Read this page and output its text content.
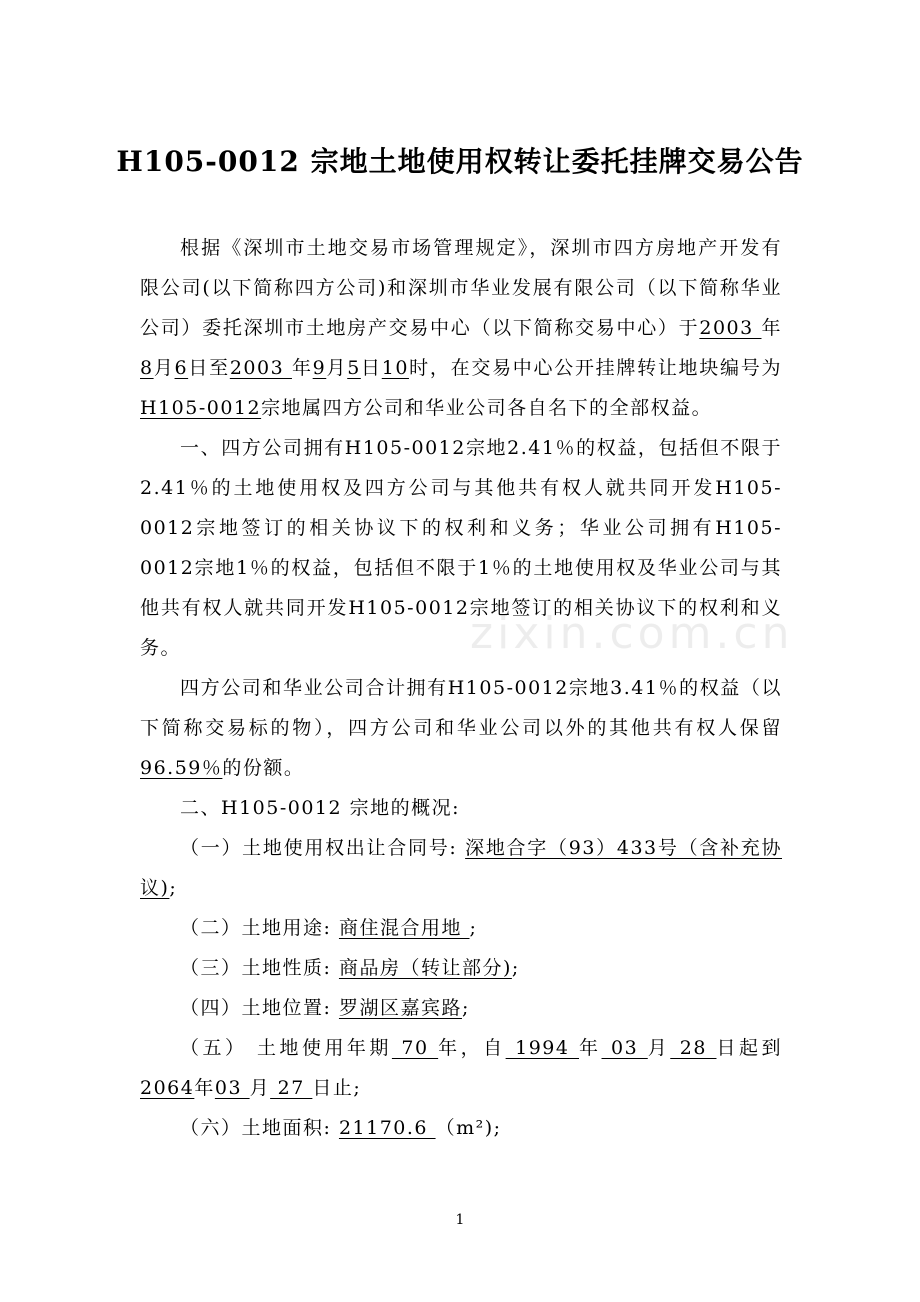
H105-0012 宗地土地使用权转让委托挂牌交易公告

根据《深圳市土地交易市场管理规定》，深圳市四方房地产开发有限公司(以下简称四方公司)和深圳市华业发展有限公司（以下简称华业公司）委托深圳市土地房产交易中心（以下简称交易中心）于2003 年8月6日至2003 年9月5日10时，在交易中心公开挂牌转让地块编号为H105-0012宗地属四方公司和华业公司各自名下的全部权益。

一、四方公司拥有H105-0012宗地2.41％的权益，包括但不限于2.41％的土地使用权及四方公司与其他共有权人就共同开发H105-0012宗地签订的相关协议下的权利和义务；华业公司拥有H105-0012宗地1％的权益，包括但不限于1％的土地使用权及华业公司与其他共有权人就共同开发H105-0012宗地签订的相关协议下的权利和义务。

四方公司和华业公司合计拥有H105-0012宗地3.41％的权益（以下简称交易标的物），四方公司和华业公司以外的其他共有权人保留96.59％的份额。

二、H105-0012 宗地的概况:

（一）土地使用权出让合同号: 深地合字（93）433号（含补充协议);

（二）土地用途: 商住混合用地 ;

（三）土地性质: 商品房（转让部分);

（四）土地位置: 罗湖区嘉宾路;

（五） 土地使用年期 70 年，自 1994 年 03 月 28 日起到 2064年03 月 27 日止;

（六）土地面积: 21170.6 （m²);

zixin.com.cn
1
